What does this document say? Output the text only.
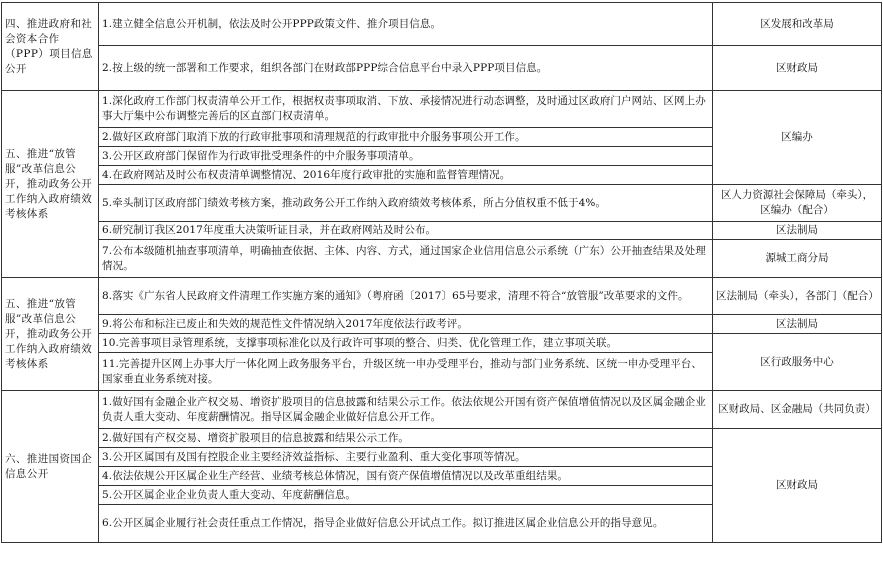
四、推进政府和社会资本合作（PPP）项目信息公开	1.建立健全信息公开机制，依法及时公开PPP政策文件、推介项目信息。	区发展和改革局
	2.按上级的统一部署和工作要求，组织各部门在财政部PPP综合信息平台中录入PPP项目信息。	区财政局
五、推进“放管服”改革信息公开，推动政务公开工作纳入政府绩效考核体系	1.深化政府工作部门权责清单公开工作，根据权责事项取消、下放、承接情况进行动态调整，及时通过区政府门户网站、区网上办事大厅集中公布调整完善后的区直部门权责清单。	区编办
	2.做好区政府部门取消下放的行政审批事项和清理规范的行政审批中介服务事项公开工作。	
	3.公开区政府部门保留作为行政审批受理条件的中介服务事项清单。	
	4.在政府网站及时公布权责清单调整情况、2016年度行政审批的实施和监督管理情况。	
	5.牵头制订区政府部门绩效考核方案，推动政务公开工作纳入政府绩效考核体系，所占分值权重不低于4%。	区人力资源社会保障局（牵头），区编办（配合）
	6.研究制订我区2017年度重大决策听证目录，并在政府网站及时公布。	区法制局
	7.公布本级随机抽查事项清单，明确抽查依据、主体、内容、方式，通过国家企业信用信息公示系统（广东）公开抽查结果及处理情况。	源城工商分局
五、推进“放管服”改革信息公开，推动政务公开工作纳入政府绩效考核体系	8.落实《广东省人民政府文件清理工作实施方案的通知》（粤府函〔2017〕65号要求，清理不符合“放管服”改革要求的文件。	区法制局（牵头），各部门（配合）
	9.将公布和标注已废止和失效的规范性文件情况纳入2017年度依法行政考评。	区法制局
	10.完善事项目录管理系统，支撑事项标准化以及行政许可事项的整合、归类、优化管理工作，建立事项关联。	区行政服务中心
	11.完善提升区网上办事大厅一体化网上政务服务平台，升级区统一申办受理平台，推动与部门业务系统、区统一申办受理平台、国家垂直业务系统对接。	
六、推进国资国企信息公开	1.做好国有金融企业产权交易、增资扩股项目的信息披露和结果公示工作。依法依规公开国有资产保值增值情况以及区属金融企业负责人重大变动、年度薪酬情况。指导区属金融企业做好信息公开工作。	区财政局、区金融局（共同负责）
	2.做好国有产权交易、增资扩股项目的信息披露和结果公示工作。	区财政局
	3.公开区属国有及国有控股企业主要经济效益指标、主要行业盈利、重大变化事项等情况。	
	4.依法依规公开区属企业生产经营、业绩考核总体情况，国有资产保值增值情况以及改革重组结果。	
	5.公开区属企业企业负责人重大变动、年度薪酬信息。	
	6.公开区属企业履行社会责任重点工作情况，指导企业做好信息公开试点工作。拟订推进区属企业信息公开的指导意见。	
